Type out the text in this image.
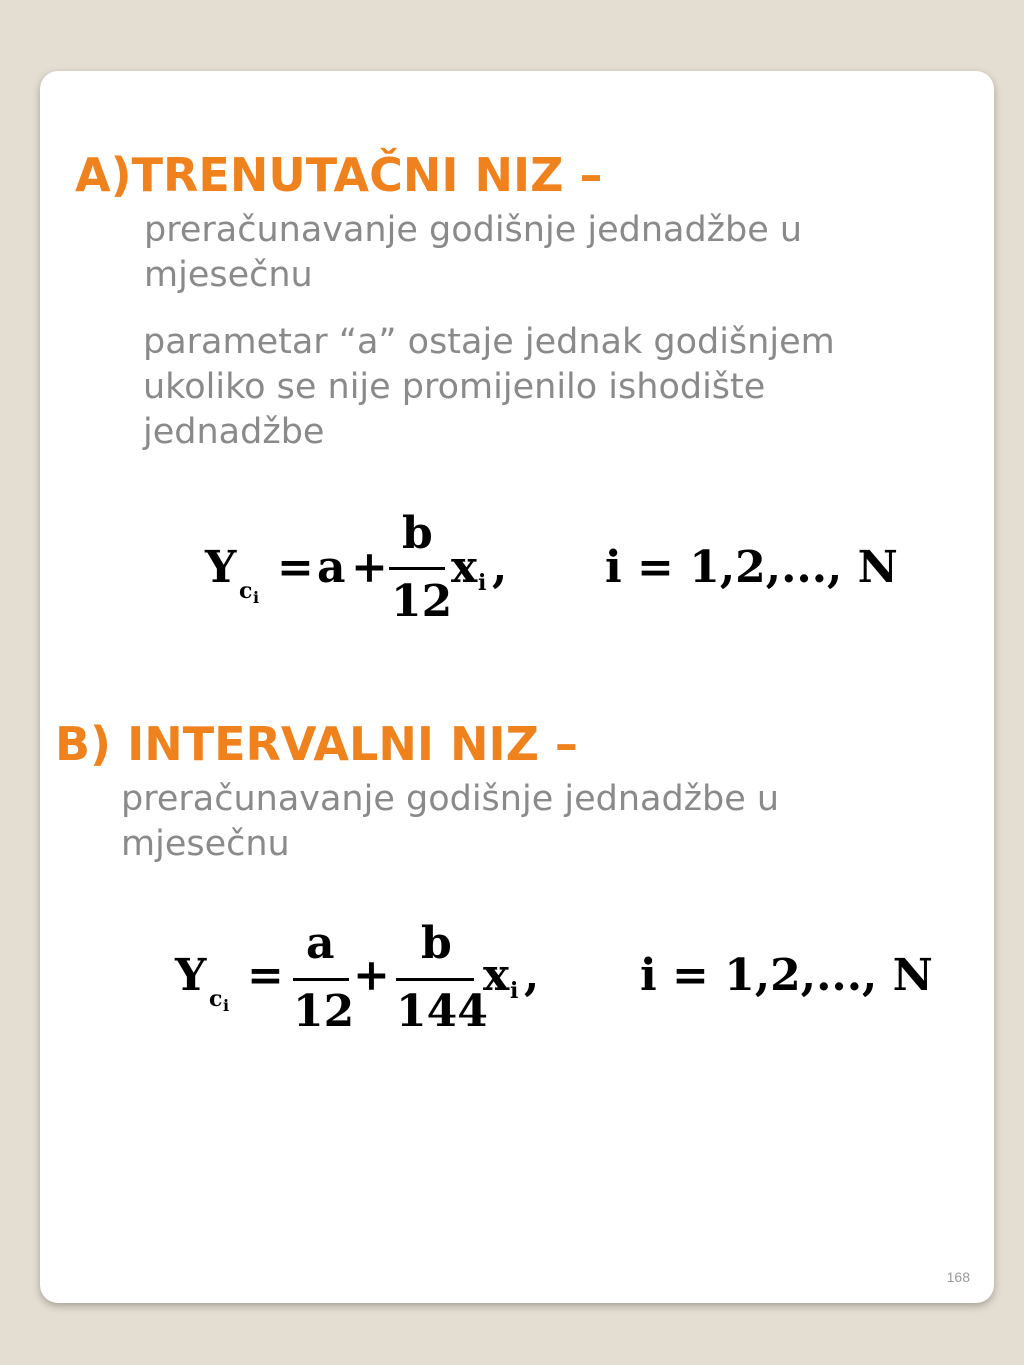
A)TRENUTAČNI NIZ –

preračunavanje godišnje jednadžbe u mjesečnu

parametar “a” ostaje jednak godišnjem ukoliko se nije promijenilo ishodište jednadžbe

Y c i
= a +
b
12
x i , i = 1,2,..., N
B) INTERVALNI NIZ –

preračunavanje godišnje jednadžbe u mjesečnu

Y c i
=
a
12
+
b
144
x i , i = 1,2,..., N
168
